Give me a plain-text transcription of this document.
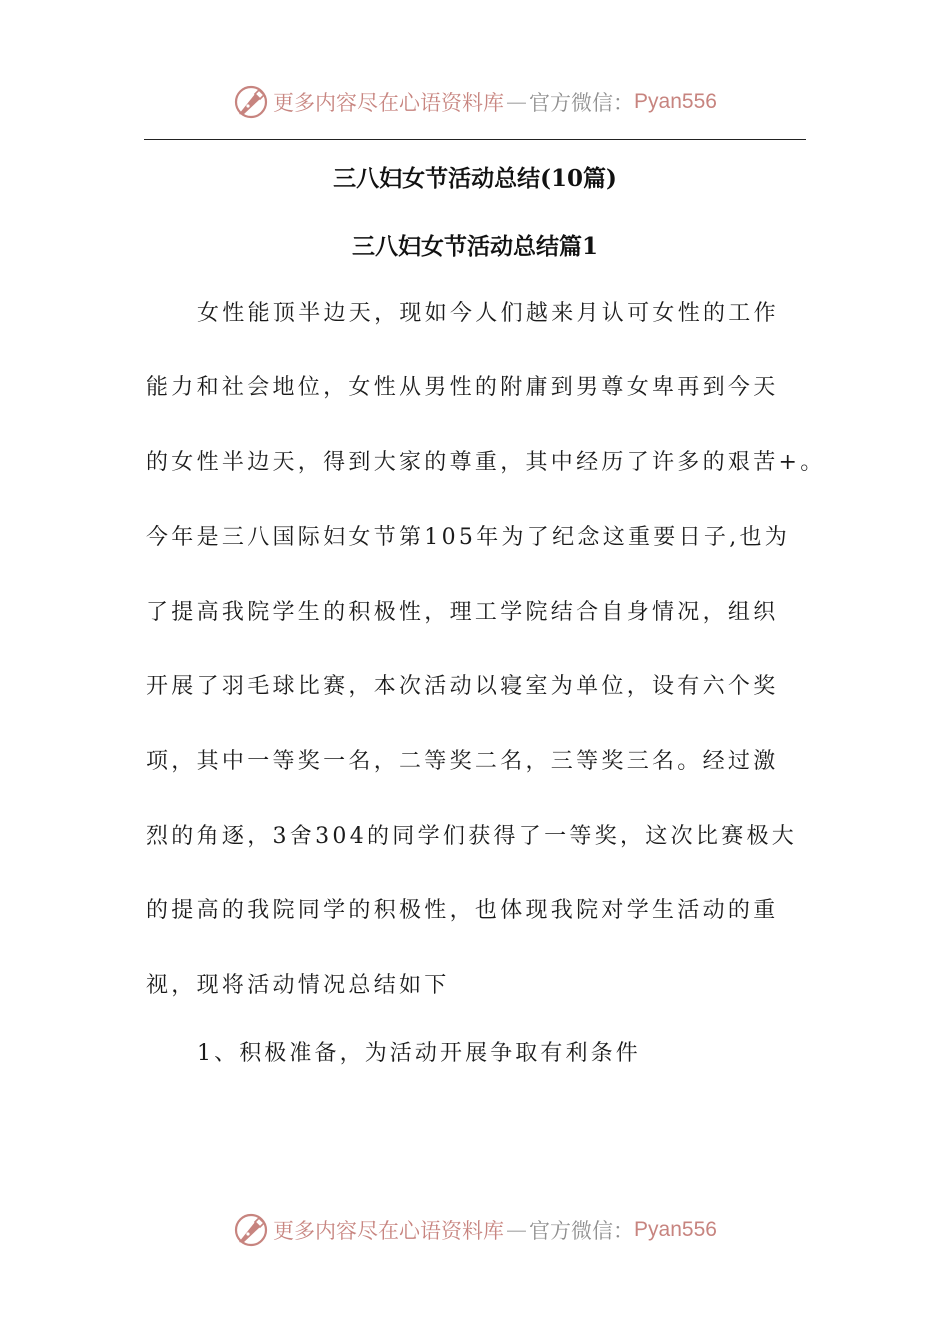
更多内容尽在心语资料库 — 官方微信： Pyan556
三八妇女节活动总结(10篇)
三八妇女节活动总结篇1
女性能顶半边天，现如今人们越来月认可女性的工作
能力和社会地位，女性从男性的附庸到男尊女卑再到今天
的女性半边天，得到大家的尊重，其中经历了许多的艰苦+。
今年是三八国际妇女节第105年为了纪念这重要日子,也为
了提高我院学生的积极性，理工学院结合自身情况，组织
开展了羽毛球比赛，本次活动以寝室为单位，设有六个奖
项，其中一等奖一名，二等奖二名，三等奖三名。经过激
烈的角逐，3舍304的同学们获得了一等奖，这次比赛极大
的提高的我院同学的积极性，也体现我院对学生活动的重
视，现将活动情况总结如下
1、积极准备，为活动开展争取有利条件
更多内容尽在心语资料库 — 官方微信： Pyan556
